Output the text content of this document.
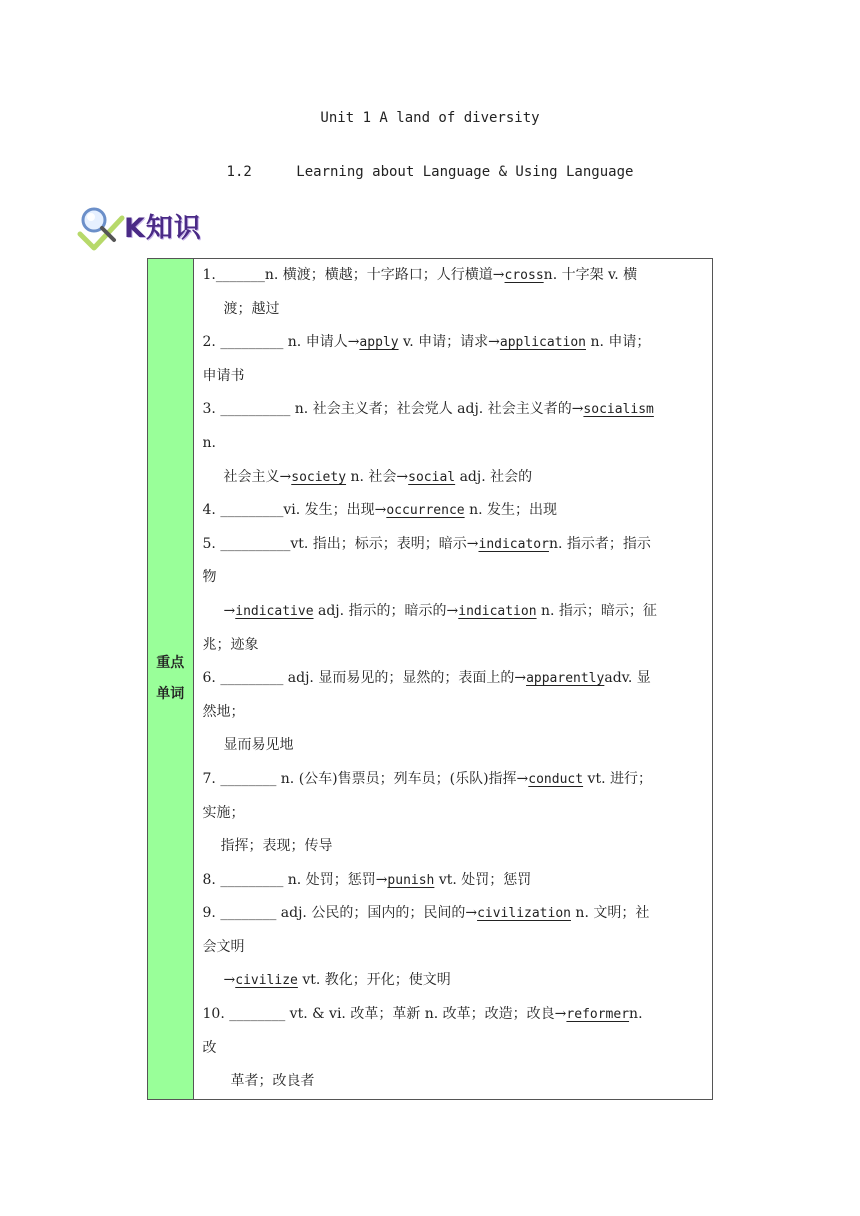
Unit 1 A land of diversity
1.2	Learning about Language & Using Language
K知识
重点
单词

1._______n. 横渡；横越；十字路口；人行横道→crossn. 十字架 v. 横
渡；越过
2. _________ n. 申请人→apply v. 申请；请求→application n. 申请；
申请书
3. __________ n. 社会主义者；社会党人 adj. 社会主义者的→socialism
n.
社会主义→society n. 社会→social adj. 社会的
4. _________vi. 发生；出现→occurrence n. 发生；出现
5. __________vt. 指出；标示；表明；暗示→indicatorn. 指示者；指示
物
→indicative adj. 指示的；暗示的→indication n. 指示；暗示；征
兆；迹象
6. _________ adj. 显而易见的；显然的；表面上的→apparentlyadv. 显
然地；
显而易见地
7. ________ n. (公车)售票员；列车员；(乐队)指挥→conduct vt. 进行；
实施；
指挥；表现；传导
8. _________ n. 处罚；惩罚→punish vt. 处罚；惩罚
9. ________ adj. 公民的；国内的；民间的→civilization n. 文明；社
会文明
→civilize vt. 教化；开化；使文明
10. ________ vt. & vi. 改革；革新 n. 改革；改造；改良→reformern.
改
革者；改良者
